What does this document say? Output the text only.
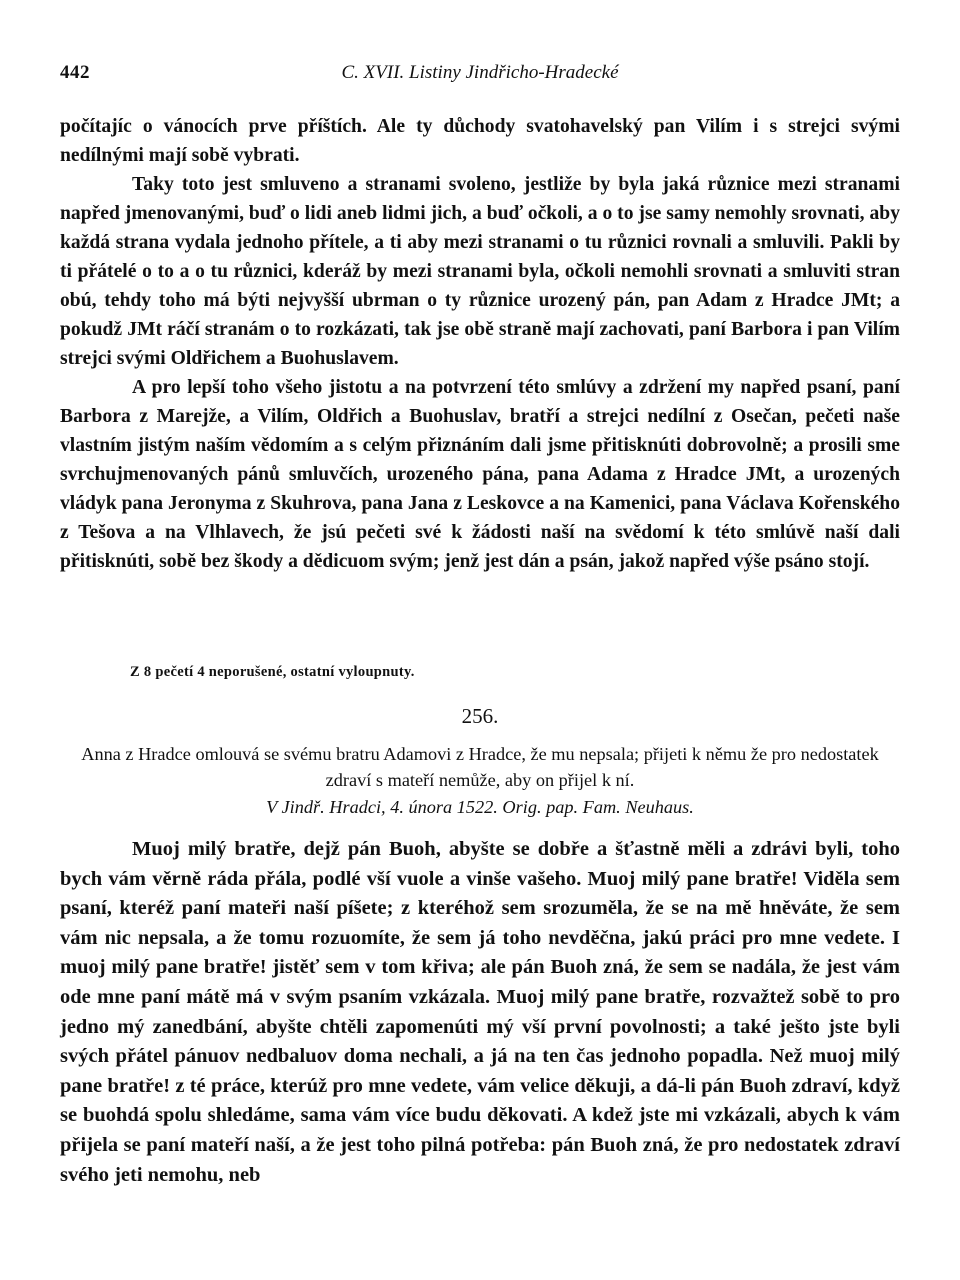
442	C. XVII. Listiny Jindřicho-Hradecké

počítajíc o vánocích prve příštích. Ale ty důchody svatohavelský pan Vilím i s strejci svými nedílnými mají sobě vybrati.

Taky toto jest smluveno a stranami svoleno, jestliže by byla jaká různice mezi stranami napřed jmenovanými, buď o lidi aneb lidmi jich, a buď očkoli, a o to jse samy nemohly srovnati, aby každá strana vydala jednoho přítele, a ti aby mezi stranami o tu různici rovnali a smluvili. Pakli by ti přátelé o to a o tu různici, kderáž by mezi stranami byla, očkoli nemohli srovnati a smluviti stran obú, tehdy toho má býti nejvyšší ubrman o ty různice urozený pán, pan Adam z Hradce JMt; a pokudž JMt ráčí stranám o to rozkázati, tak jse obě straně mají zachovati, paní Barbora i pan Vilím strejci svými Oldřichem a Buohuslavem.

A pro lepší toho všeho jistotu a na potvrzení této smlúvy a zdržení my napřed psaní, paní Barbora z Marejže, a Vilím, Oldřich a Buohuslav, bratří a strejci nedílní z Osečan, pečeti naše vlastním jistým naším vědomím a s celým přiznáním dali jsme přitisknúti dobrovolně; a prosili sme svrchujmenovaných pánů smluvčích, urozeného pána, pana Adama z Hradce JMt, a urozených vládyk pana Jeronyma z Skuhrova, pana Jana z Leskovce a na Kamenici, pana Václava Kořenského z Tešovа a na Vlhlavech, že jsú pečeti své k žádosti naší na svědomí k této smlúvě naší dali přitisknúti, sobě bez škody a dědicuom svým; jenž jest dán a psán, jakož napřed výše psáno stojí.

Z 8 pečetí 4 neporušené, ostatní vyloupnuty.
256.

Anna z Hradce omlouvá se svému bratru Adamovi z Hradce, že mu nepsala; přijeti k němu že pro nedostatek zdraví s mateří nemůže, aby on přijel k ní.

V Jindř. Hradci, 4. února 1522. Orig. pap. Fam. Neuhaus.

Muoj milý bratře, dejž pán Buoh, abyšte se dobře a šťastně měli a zdrávi byli, toho bych vám věrně ráda přála, podlé vší vuole a vinše vašeho. Muoj milý pane bratře! Viděla sem psaní, kteréž paní mateři naší píšete; z kteréhož sem srozuměla, že se na mě hněváte, že sem vám nic nepsala, a že tomu rozuomíte, že sem já toho nevděčna, jakú práci pro mne vedete. I muoj milý pane bratře! jistěť sem v tom křiva; ale pán Buoh zná, že sem se nadála, že jest vám ode mne paní mátě má v svým psaním vzkázala. Muoj milý pane bratře, rozvažtež sobě to pro jedno mý zanedbání, abyšte chtěli zapomenúti mý vší první povolnosti; a také ješto jste byli svých přátel pánuov nedbaluov doma nechali, a já na ten čas jednoho popadla. Než muoj milý pane bratře! z té práce, kterúž pro mne vedete, vám velice děkuji, a dá-li pán Buoh zdraví, když se buohdá spolu shledáme, sama vám více budu děkovati. A kdež jste mi vzkázali, abych k vám přijela se paní mateří naší, a že jest toho pilná potřeba: pán Buoh zná, že pro nedostatek zdraví svého jeti nemohu, neb
